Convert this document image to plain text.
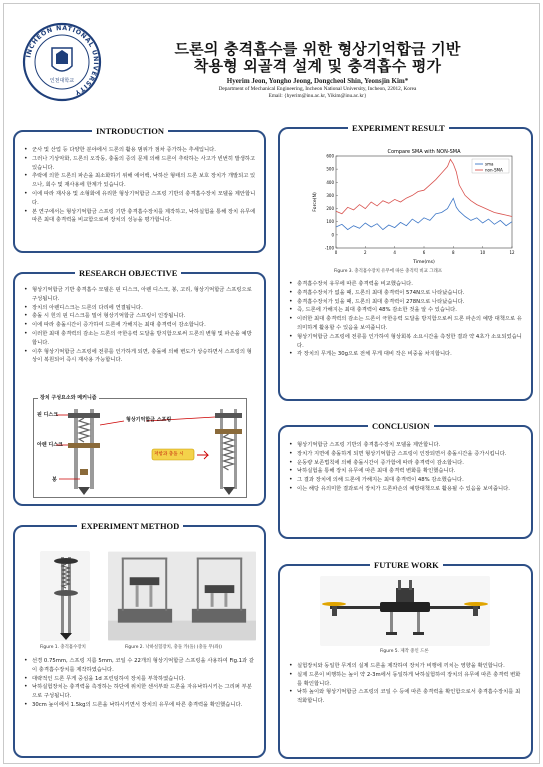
INCHEON NATIONAL UNIVERSITY
인천대학교
드론의 충격흡수를 위한 형상기억합금 기반
착용형 외골격 설계 및 충격흡수 평가
Hyerim Jeon, Yongho Jeong, Dongcheol Shin, Yeonsjin Kim*
Department of Mechanical Engineering, Incheon National University, Incheon, 22012, Korea
Email: {hyerim@inu.ac.kr, Yikim@inu.ac.kr}
INTRODUCTION
• 군사 및 산업 등 다양한 분야에서 드론의 활용 범위가 점차 증가하는 추세입니다.
• 그러나 기상악화, 드론의 오작동, 충돌의 증의 문제 의해 드론이 추락하는 사고가 빈번히 발생하고 있습니다.
• 추락에 의한 드론의 파손을 최소화하기 위해 에어백, 낙하산 형태의 드론 보호 장치가 개발되고 있으나, 회수 및 재사용에 한계가 있습니다.
• 이에 따라 재사용 및 소형화에 유리한 형상기억합금 스프링 기반의 충격흡수장치 모델을 제안합니다.
• 본 연구에서는 형상기억합금 스프링 기반 충격흡수장치를 제작하고, 낙하실험을 통해 장치 유무에 따른 최대 충격력을 비교함으로써 장치의 성능을 평가합니다.
RESEARCH OBJECTIVE
• 형상기억합금 기반 충격흡수 모델은 핀 디스크, 아렌 디스크, 봉, 고리, 형상기억합금 스프링으로 구성됩니다.
• 장치의 아렌디스크는 드론의 다리에 연결됩니다.
• 충돌 시 힌의 핀 디스크를 밀어 형상기억합금 스프링이 인장됩니다.
• 이에 따라 충돌시간이 증가하여 드론에 가해지는 최대 충격력이 감소합니다.
• 이러한 최대 충격력의 감소는 드론의 극한응력 도달을 방지함으로써 드론의 변형 및 파손을 예방합니다.
• 이후 형상기억합금 스프링에 전류를 인가하게 되면, 충돌에 의해 변도가 상승하면서 스프링의 형상이 복원되어 즉시 재사용 가능합니다.
장치 구성요소와 메커니즘
핀 디스크
형상기억합금 스프링
아렌 디스크
봉
저항과 충돌 시
EXPERIMENT METHOD
Figure 1. 충격흡수장치	Figure 2. 낙하실험장치, 충돌 카(돌) (충돌 무(좌))
• 선경 0.75mm, 스프링 지름 5mm, 코일 수 22개의 형상기억합금 스프링을 사용하여 Fig.1과 같이 충격흡수장치를 제작하였습니다.
• 대략적인 드론 무게 중심을 1d 프린팅하여 장치를 부착하였습니다.
• 낙하실험장치는 충격력을 측정하는 하단에 위치한 센서부와 드론을 자유낙하시키는 그리퍼 부분으로 구성됩니다.
• 30cm 높이에서 1.5kg의 드론을 낙하시키면서 장치의 유무에 따른 충격력을 확인했습니다.
EXPERIMENT RESULT
-100
0
100
200
300
400
500
600
0	2	4	6	8	10	12
Compare SMA with NON-SMA
Time(ms)
Force(N)
sma
non-SMA
Figure 3. 충격흡수장치 유무에 따른 충격력 비교 그래프
• 충격흡수장치 유무에 따른 충격력을 비교했습니다.
• 충격흡수장치가 없을 때, 드론의 최대 충격력이 574N으로 나타났습니다.
• 충격흡수장치가 있을 때, 드론의 최대 충격력이 278N으로 나타났습니다.
• 즉, 드론에 가해지는 최대 충격력이 48% 감소한 것을 알 수 있습니다.
• 이러한 최대 충격력의 감소는 드론이 극한응력 도달을 방지함으로써 드론 파손의 예방 대책으로 유의미하게 활용할 수 있음을 보여줍니다.
• 형상기억합금 스프링에 전류를 인가하여 형상회복 소요시간을 측정한 결과 약 4초가 소요되었습니다.
• 각 장치의 무게는 30g으로 전체 무게 대비 작은 비중을 차지합니다.
CONCLUSION
• 형상기억합금 스프링 기반의 충격흡수장치 모델을 제안합니다.
• 장치가 지면에 충돌하게 되면 형상기억합금 스프링이 인장되면서 충돌시간을 증가시킵니다.
• 운동량 보존법칙에 의해 충돌시간이 증가함에 따라 충격력이 감소합니다.
• 낙하실험을 통해 장치 유무에 따른 최대 충격력 변화를 확인했습니다.
• 그 결과 장치에 의해 드론에 가해지는 최대 충격력이 48% 감소했습니다.
• 이는 해당 유의미한 결과로서 장치가 드론파손의 예방대책으로 활용될 수 있음을 보여줍니다.
FUTURE WORK
Figure 5. 제작 중인 드론
• 실험장치와 동일한 무게의 실제 드론을 제작하여 장치가 비행에 끼치는 영향을 확인합니다.
• 실제 드론이 비행하는 높이 약 2-3m에서 동일하게 낙하실험하여 장치의 유무에 따른 충격력 변화를 확인합니다.
• 낙하 높이와 형상기억합금 스프링의 코일 수 등에 따른 충격력을 확인함으로서 충격흡수장치를 최적화합니다.
